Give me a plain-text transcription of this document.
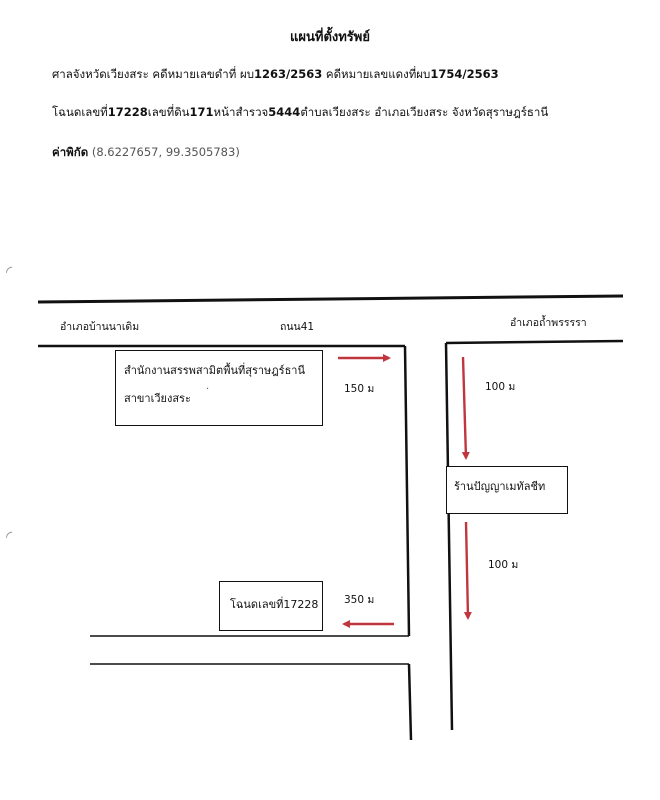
แผนที่ตั้งทรัพย์
ศาลจังหวัดเวียงสระ คดีหมายเลขดำที่ ผบ1263/2563 คดีหมายเลขแดงที่ผบ1754/2563
โฉนดเลขที่17228เลขที่ดิน171หน้าสำรวจ5444ตำบลเวียงสระ อำเภอเวียงสระ จังหวัดสุราษฎร์ธานี
ค่าพิกัด (8.6227657, 99.3505783)
อำเภอบ้านนาเดิม	ถนน41	อำเภอถ้ำพรรรรา
สำนักงานสรรพสามิตพื้นที่สุราษฎร์ธานี
สาขาเวียงสระ
·	150 ม	100 ม
ร้านปัญญาเมทัลชีท
100 ม
โฉนดเลขที่17228	350 ม
◜
◜
